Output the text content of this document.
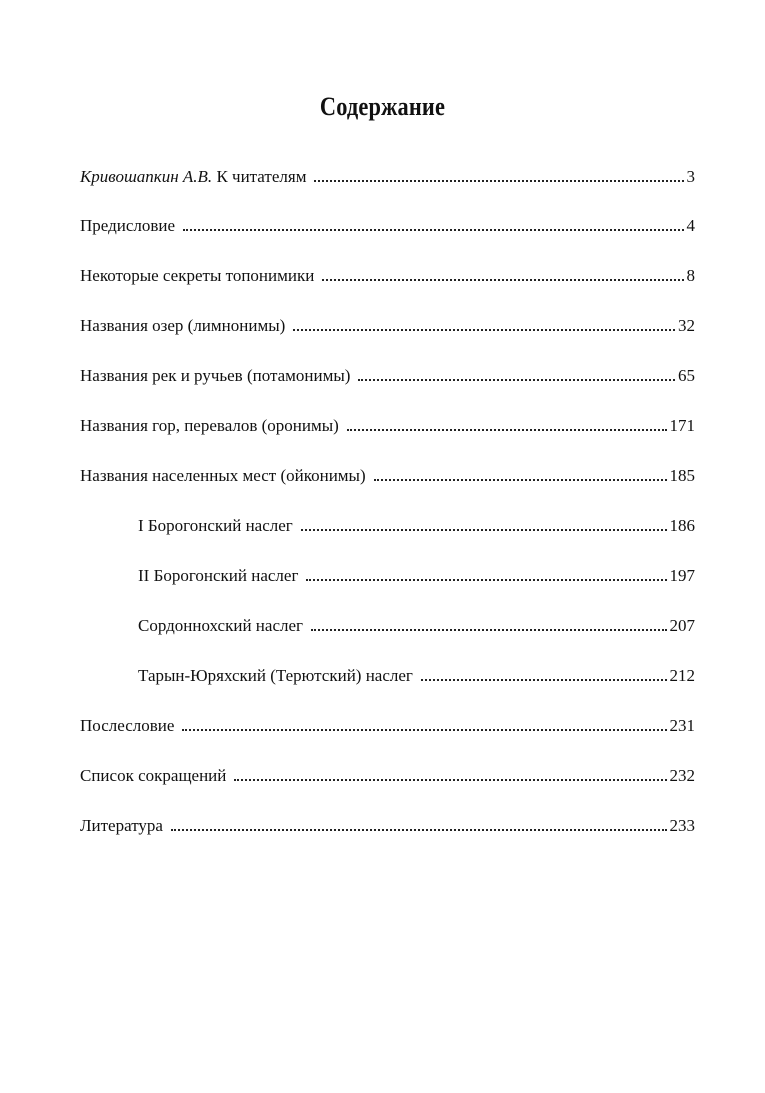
Содержание
Кривошапкин А.В. К читателям	3
Предисловие	4
Некоторые секреты топонимики	8
Названия озер (лимнонимы)	32
Названия рек и ручьев (потамонимы)	65
Названия гор, перевалов (оронимы)	171
Названия населенных мест (ойконимы)	185
I Борогонский наслег	186
II Борогонский наслег	197
Сордоннохский наслег	207
Тарын-Юряхский (Терютский) наслег	212
Послесловие	231
Список сокращений	232
Литература	233
